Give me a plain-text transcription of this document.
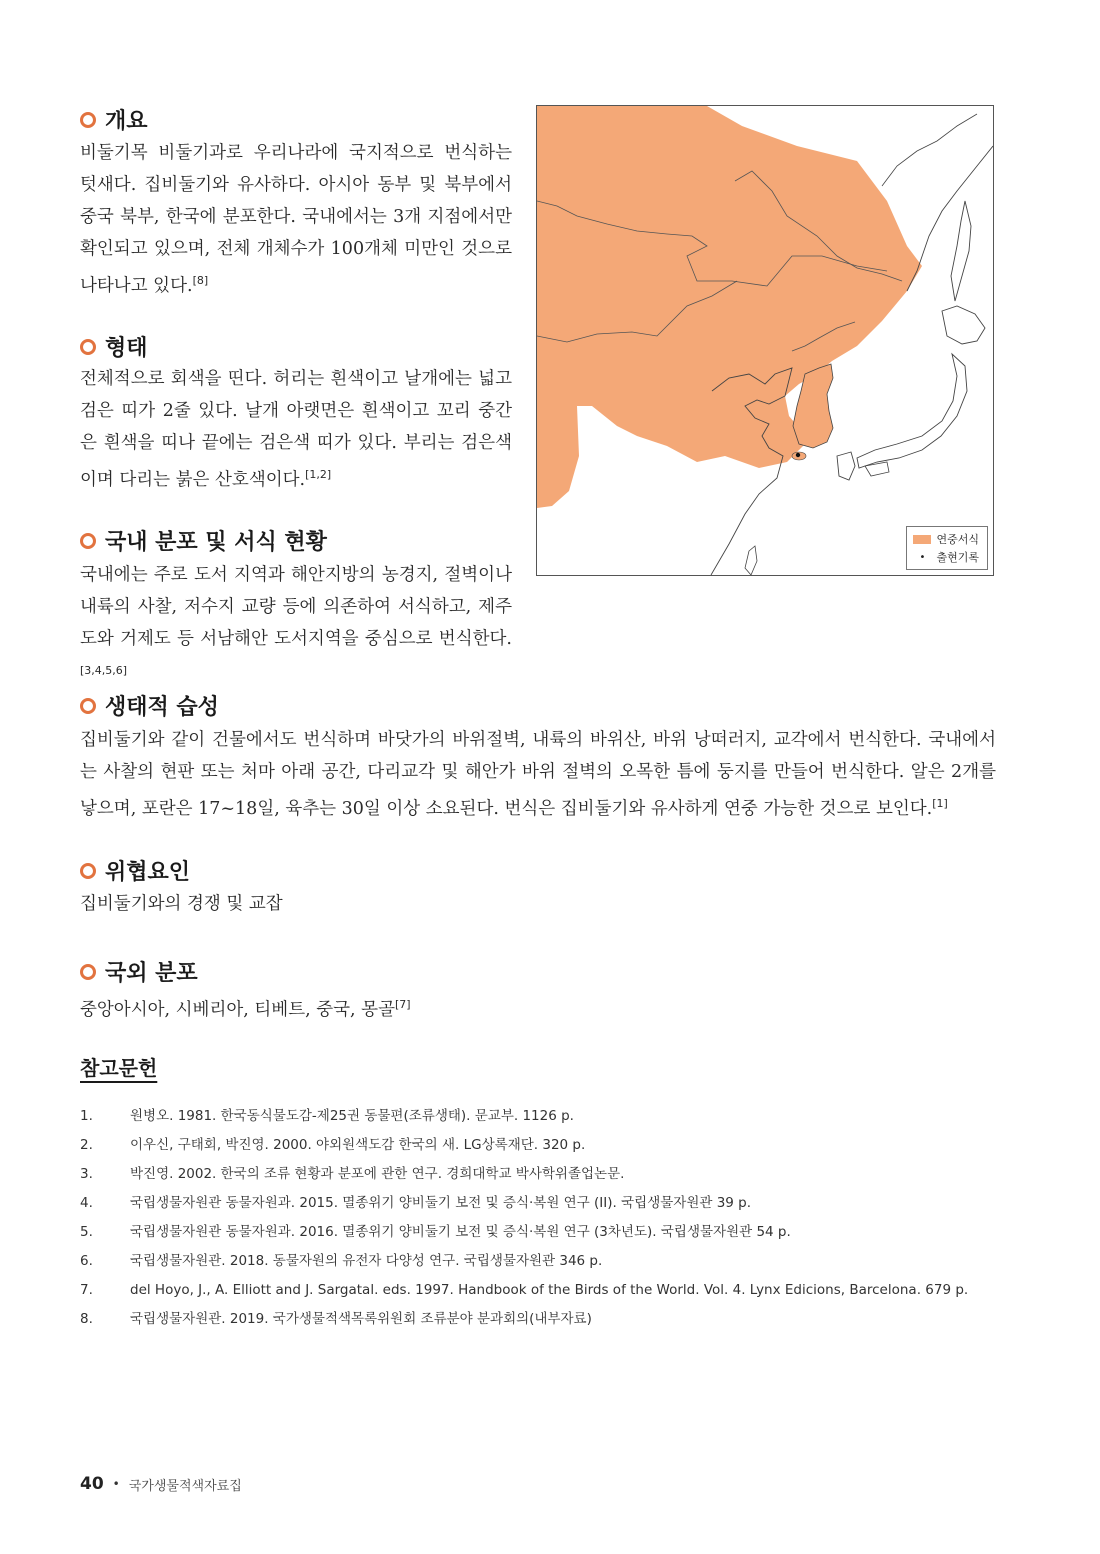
개요

비둘기목 비둘기과로 우리나라에 국지적으로 번식하는 텃새다. 집비둘기와 유사하다. 아시아 동부 및 북부에서 중국 북부, 한국에 분포한다. 국내에서는 3개 지점에서만 확인되고 있으며, 전체 개체수가 100개체 미만인 것으로 나타나고 있다.[8]

형태

전체적으로 회색을 띤다. 허리는 흰색이고 날개에는 넓고 검은 띠가 2줄 있다. 날개 아랫면은 흰색이고 꼬리 중간은 흰색을 띠나 끝에는 검은색 띠가 있다. 부리는 검은색이며 다리는 붉은 산호색이다.[1,2]

국내 분포 및 서식 현황

국내에는 주로 도서 지역과 해안지방의 농경지, 절벽이나 내륙의 사찰, 저수지 교량 등에 의존하여 서식하고, 제주도와 거제도 등 서남해안 도서지역을 중심으로 번식한다.[3,4,5,6]

생태적 습성

집비둘기와 같이 건물에서도 번식하며 바닷가의 바위절벽, 내륙의 바위산, 바위 낭떠러지, 교각에서 번식한다. 국내에서는 사찰의 현판 또는 처마 아래 공간, 다리교각 및 해안가 바위 절벽의 오목한 틈에 둥지를 만들어 번식한다. 알은 2개를 낳으며, 포란은 17~18일, 육추는 30일 이상 소요된다. 번식은 집비둘기와 유사하게 연중 가능한 것으로 보인다.[1]

위협요인

집비둘기와의 경쟁 및 교잡

국외 분포

중앙아시아, 시베리아, 티베트, 중국, 몽골[7]

연중서식
•	출현기록
참고문헌
1.	원병오. 1981. 한국동식물도감-제25권 동물편(조류생태). 문교부. 1126 p.
2.	이우신, 구태회, 박진영. 2000. 야외원색도감 한국의 새. LG상록재단. 320 p.
3.	박진영. 2002. 한국의 조류 현황과 분포에 관한 연구. 경희대학교 박사학위졸업논문.
4.	국립생물자원관 동물자원과. 2015. 멸종위기 양비둘기 보전 및 증식·복원 연구 (II). 국립생물자원관 39 p.
5.	국립생물자원관 동물자원과. 2016. 멸종위기 양비둘기 보전 및 증식·복원 연구 (3차년도). 국립생물자원관 54 p.
6.	국립생물자원관. 2018. 동물자원의 유전자 다양성 연구. 국립생물자원관 346 p.
7.	del Hoyo, J., A. Elliott and J. Sargatal. eds. 1997. Handbook of the Birds of the World. Vol. 4. Lynx Edicions, Barcelona. 679 p.
8.	국립생물자원관. 2019. 국가생물적색목록위원회 조류분야 분과회의(내부자료)
40 • 국가생물적색자료집
